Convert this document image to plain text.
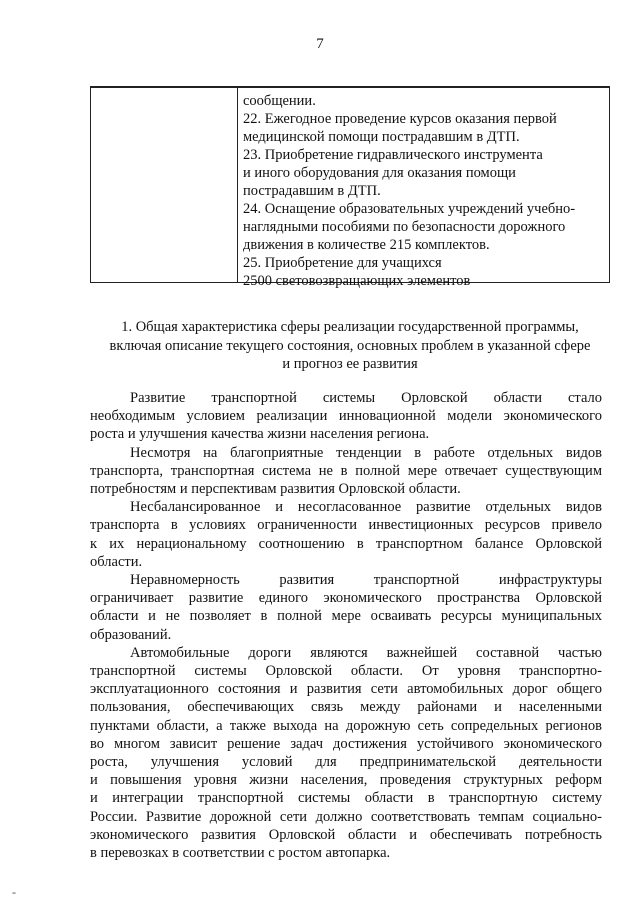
7
сообщении.
22. Ежегодное проведение курсов оказания первой
медицинской помощи пострадавшим в ДТП.
23. Приобретение гидравлического инструмента
и иного оборудования для оказания помощи
пострадавшим в ДТП.
24. Оснащение образовательных учреждений учебно-
наглядными пособиями по безопасности дорожного
движения в количестве 215 комплектов.
25. Приобретение для учащихся
2500 световозвращающих элементов
1. Общая характеристика сферы реализации государственной программы,
включая описание текущего состояния, основных проблем в указанной сфере
и прогноз ее развития
Развитие транспортной системы Орловской области стало
необходимым условием реализации инновационной модели экономического
роста и улучшения качества жизни населения региона.
Несмотря на благоприятные тенденции в работе отдельных видов
транспорта, транспортная система не в полной мере отвечает существующим
потребностям и перспективам развития Орловской области.
Несбалансированное и несогласованное развитие отдельных видов
транспорта в условиях ограниченности инвестиционных ресурсов привело
к их нерациональному соотношению в транспортном балансе Орловской
области.
Неравномерность развития транспортной инфраструктуры
ограничивает развитие единого экономического пространства Орловской
области и не позволяет в полной мере осваивать ресурсы муниципальных
образований.
Автомобильные дороги являются важнейшей составной частью
транспортной системы Орловской области. От уровня транспортно-
эксплуатационного состояния и развития сети автомобильных дорог общего
пользования, обеспечивающих связь между районами и населенными
пунктами области, а также выхода на дорожную сеть сопредельных регионов
во многом зависит решение задач достижения устойчивого экономического
роста, улучшения условий для предпринимательской деятельности
и повышения уровня жизни населения, проведения структурных реформ
и интеграции транспортной системы области в транспортную систему
России. Развитие дорожной сети должно соответствовать темпам социально-
экономического развития Орловской области и обеспечивать потребность
в перевозках в соответствии с ростом автопарка.
-
